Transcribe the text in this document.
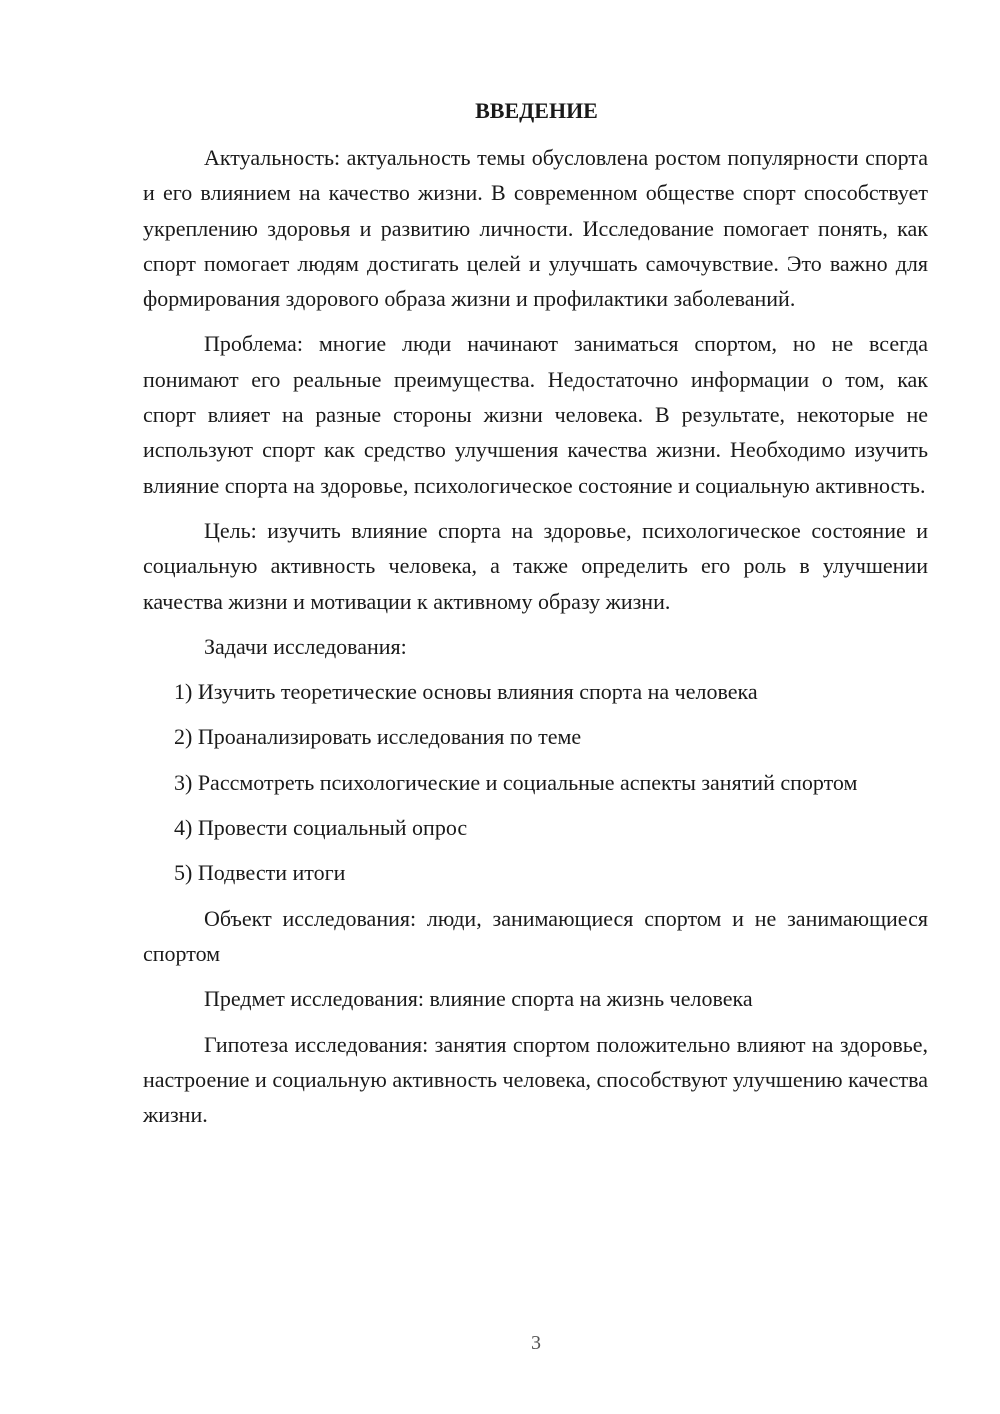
ВВЕДЕНИЕ

Актуальность: актуальность темы обусловлена ростом популярности спорта и его влиянием на качество жизни. В современном обществе спорт способствует укреплению здоровья и развитию личности. Исследование помогает понять, как спорт помогает людям достигать целей и улучшать самочувствие. Это важно для формирования здорового образа жизни и профилактики заболеваний.

Проблема: многие люди начинают заниматься спортом, но не всегда понимают его реальные преимущества. Недостаточно информации о том, как спорт влияет на разные стороны жизни человека. В результате, некоторые не используют спорт как средство улучшения качества жизни. Необходимо изучить влияние спорта на здоровье, психологическое состояние и социальную активность.

Цель: изучить влияние спорта на здоровье, психологическое состояние и социальную активность человека, а также определить его роль в улучшении качества жизни и мотивации к активному образу жизни.

Задачи исследования:

1) Изучить теоретические основы влияния спорта на человека

2) Проанализировать исследования по теме

3) Рассмотреть психологические и социальные аспекты занятий спортом

4) Провести социальный опрос

5) Подвести итоги

Объект исследования: люди, занимающиеся спортом и не занимающиеся спортом

Предмет исследования: влияние спорта на жизнь человека

Гипотеза исследования: занятия спортом положительно влияют на здоровье, настроение и социальную активность человека, способствуют улучшению качества жизни.

3
